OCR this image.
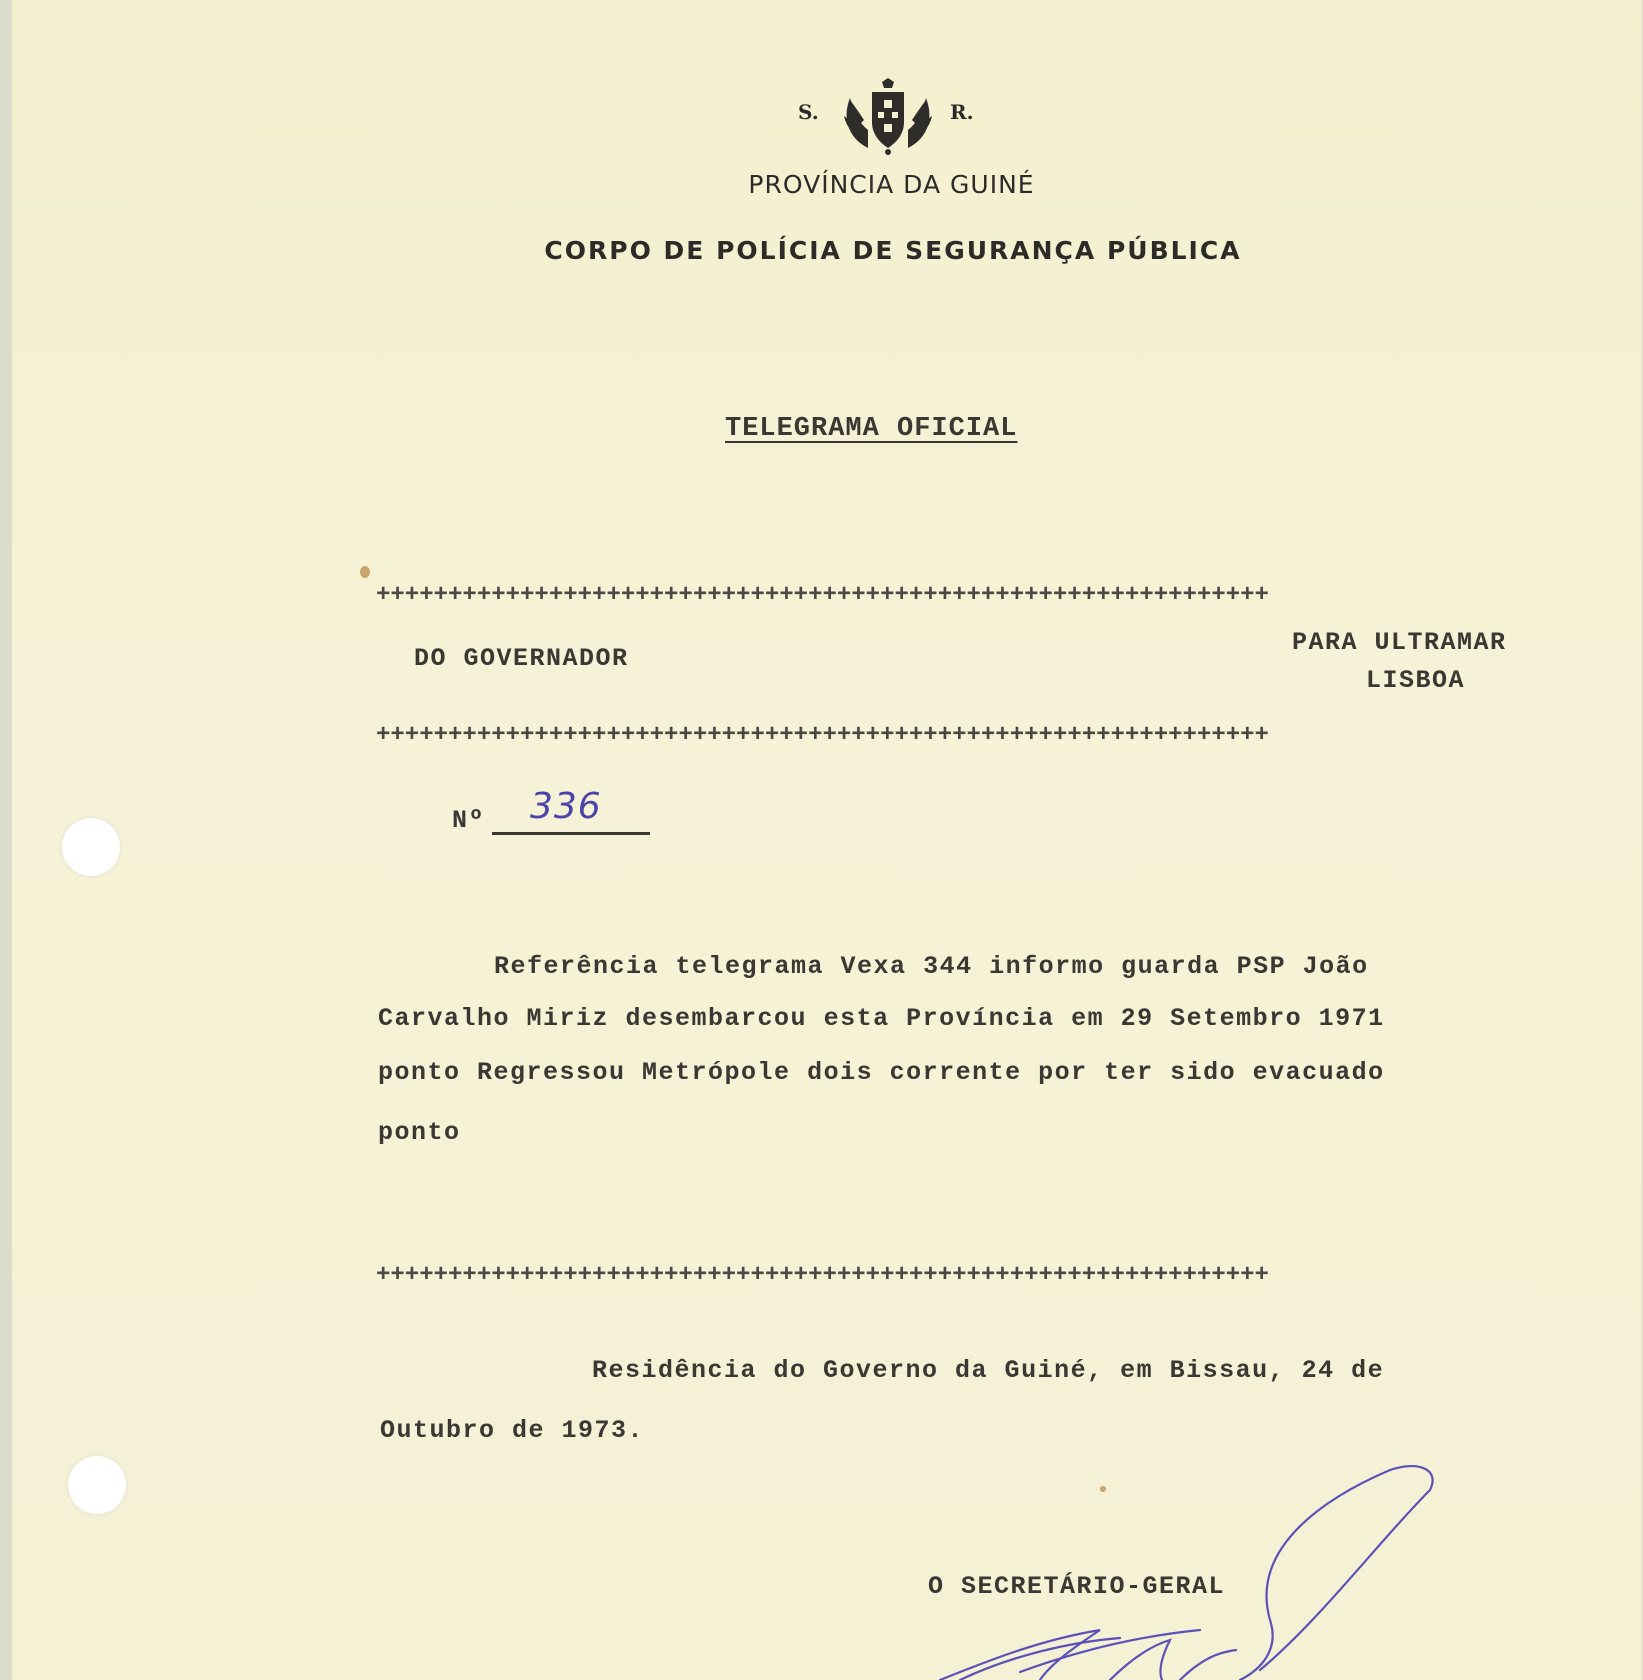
S.	R.
PROVÍNCIA DA GUINÉ
CORPO DE POLÍCIA DE SEGURANÇA PÚBLICA
TELEGRAMA OFICIAL
++++++++++++++++++++++++++++++++++++++++++++++++++++++++++++++
DO GOVERNADOR
PARA ULTRAMAR
LISBOA
++++++++++++++++++++++++++++++++++++++++++++++++++++++++++++++
Nº 336
Referência telegrama Vexa 344 informo guarda PSP João
Carvalho Miriz desembarcou esta Província em 29 Setembro 1971
ponto Regressou Metrópole dois corrente por ter sido evacuado
ponto
++++++++++++++++++++++++++++++++++++++++++++++++++++++++++++++
Residência do Governo da Guiné, em Bissau, 24 de
Outubro de 1973.
O SECRETÁRIO-GERAL
